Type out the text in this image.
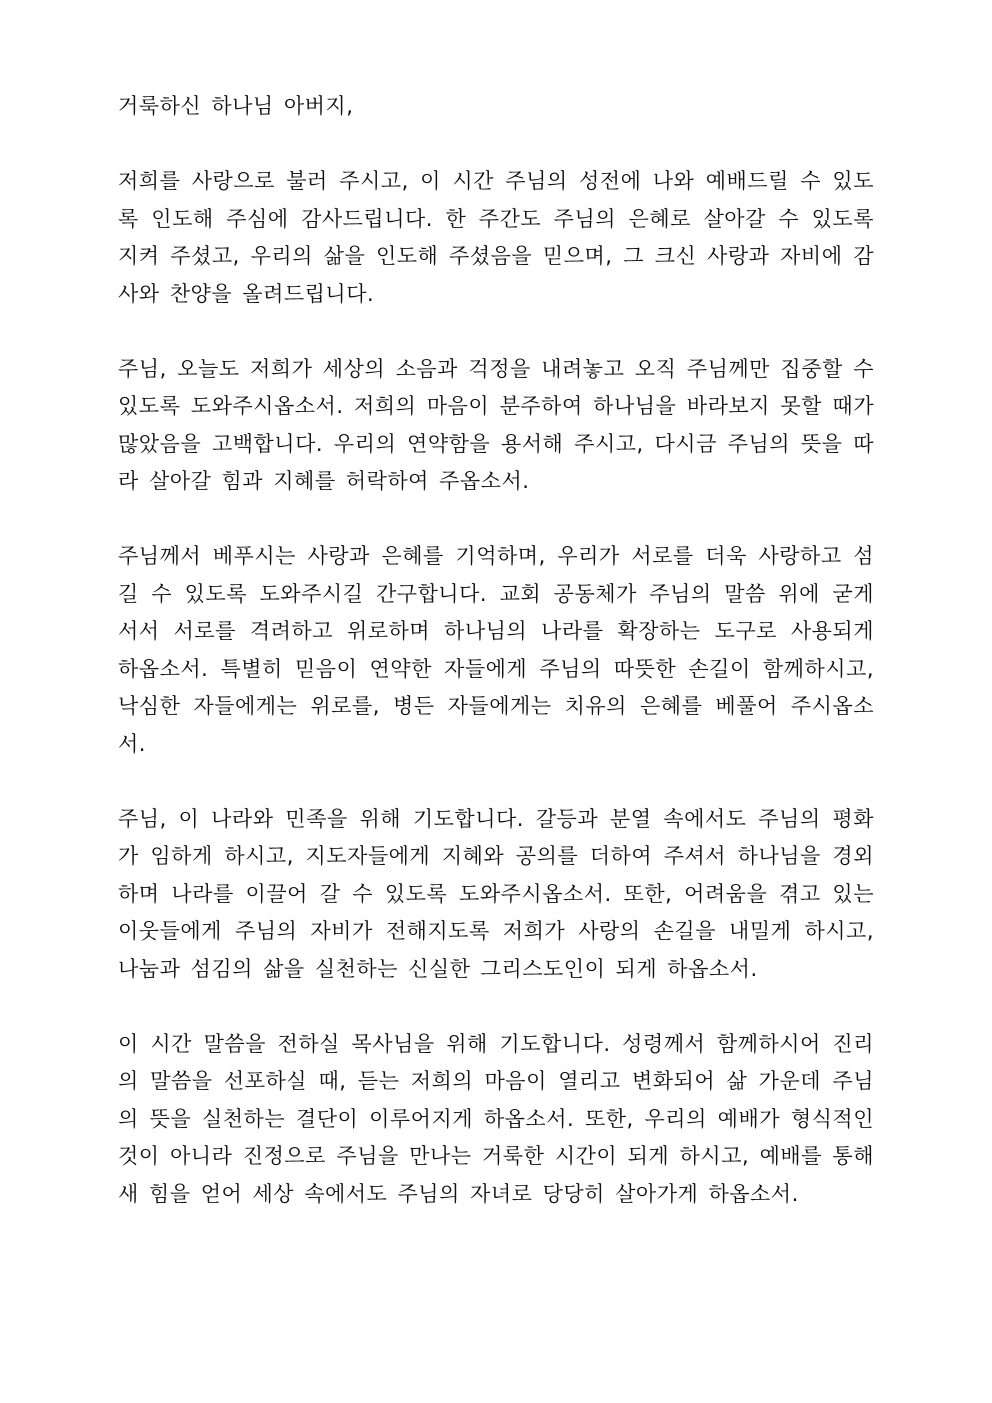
거룩하신 하나님 아버지,

저희를 사랑으로 불러 주시고, 이 시간 주님의 성전에 나와 예배드릴 수 있도록 인도해 주심에 감사드립니다. 한 주간도 주님의 은혜로 살아갈 수 있도록 지켜 주셨고, 우리의 삶을 인도해 주셨음을 믿으며, 그 크신 사랑과 자비에 감사와 찬양을 올려드립니다.

주님, 오늘도 저희가 세상의 소음과 걱정을 내려놓고 오직 주님께만 집중할 수 있도록 도와주시옵소서. 저희의 마음이 분주하여 하나님을 바라보지 못할 때가 많았음을 고백합니다. 우리의 연약함을 용서해 주시고, 다시금 주님의 뜻을 따라 살아갈 힘과 지혜를 허락하여 주옵소서.

주님께서 베푸시는 사랑과 은혜를 기억하며, 우리가 서로를 더욱 사랑하고 섬길 수 있도록 도와주시길 간구합니다. 교회 공동체가 주님의 말씀 위에 굳게 서서 서로를 격려하고 위로하며 하나님의 나라를 확장하는 도구로 사용되게 하옵소서. 특별히 믿음이 연약한 자들에게 주님의 따뜻한 손길이 함께하시고, 낙심한 자들에게는 위로를, 병든 자들에게는 치유의 은혜를 베풀어 주시옵소서.

주님, 이 나라와 민족을 위해 기도합니다. 갈등과 분열 속에서도 주님의 평화가 임하게 하시고, 지도자들에게 지혜와 공의를 더하여 주셔서 하나님을 경외하며 나라를 이끌어 갈 수 있도록 도와주시옵소서. 또한, 어려움을 겪고 있는 이웃들에게 주님의 자비가 전해지도록 저희가 사랑의 손길을 내밀게 하시고, 나눔과 섬김의 삶을 실천하는 신실한 그리스도인이 되게 하옵소서.

이 시간 말씀을 전하실 목사님을 위해 기도합니다. 성령께서 함께하시어 진리의 말씀을 선포하실 때, 듣는 저희의 마음이 열리고 변화되어 삶 가운데 주님의 뜻을 실천하는 결단이 이루어지게 하옵소서. 또한, 우리의 예배가 형식적인 것이 아니라 진정으로 주님을 만나는 거룩한 시간이 되게 하시고, 예배를 통해 새 힘을 얻어 세상 속에서도 주님의 자녀로 당당히 살아가게 하옵소서.
